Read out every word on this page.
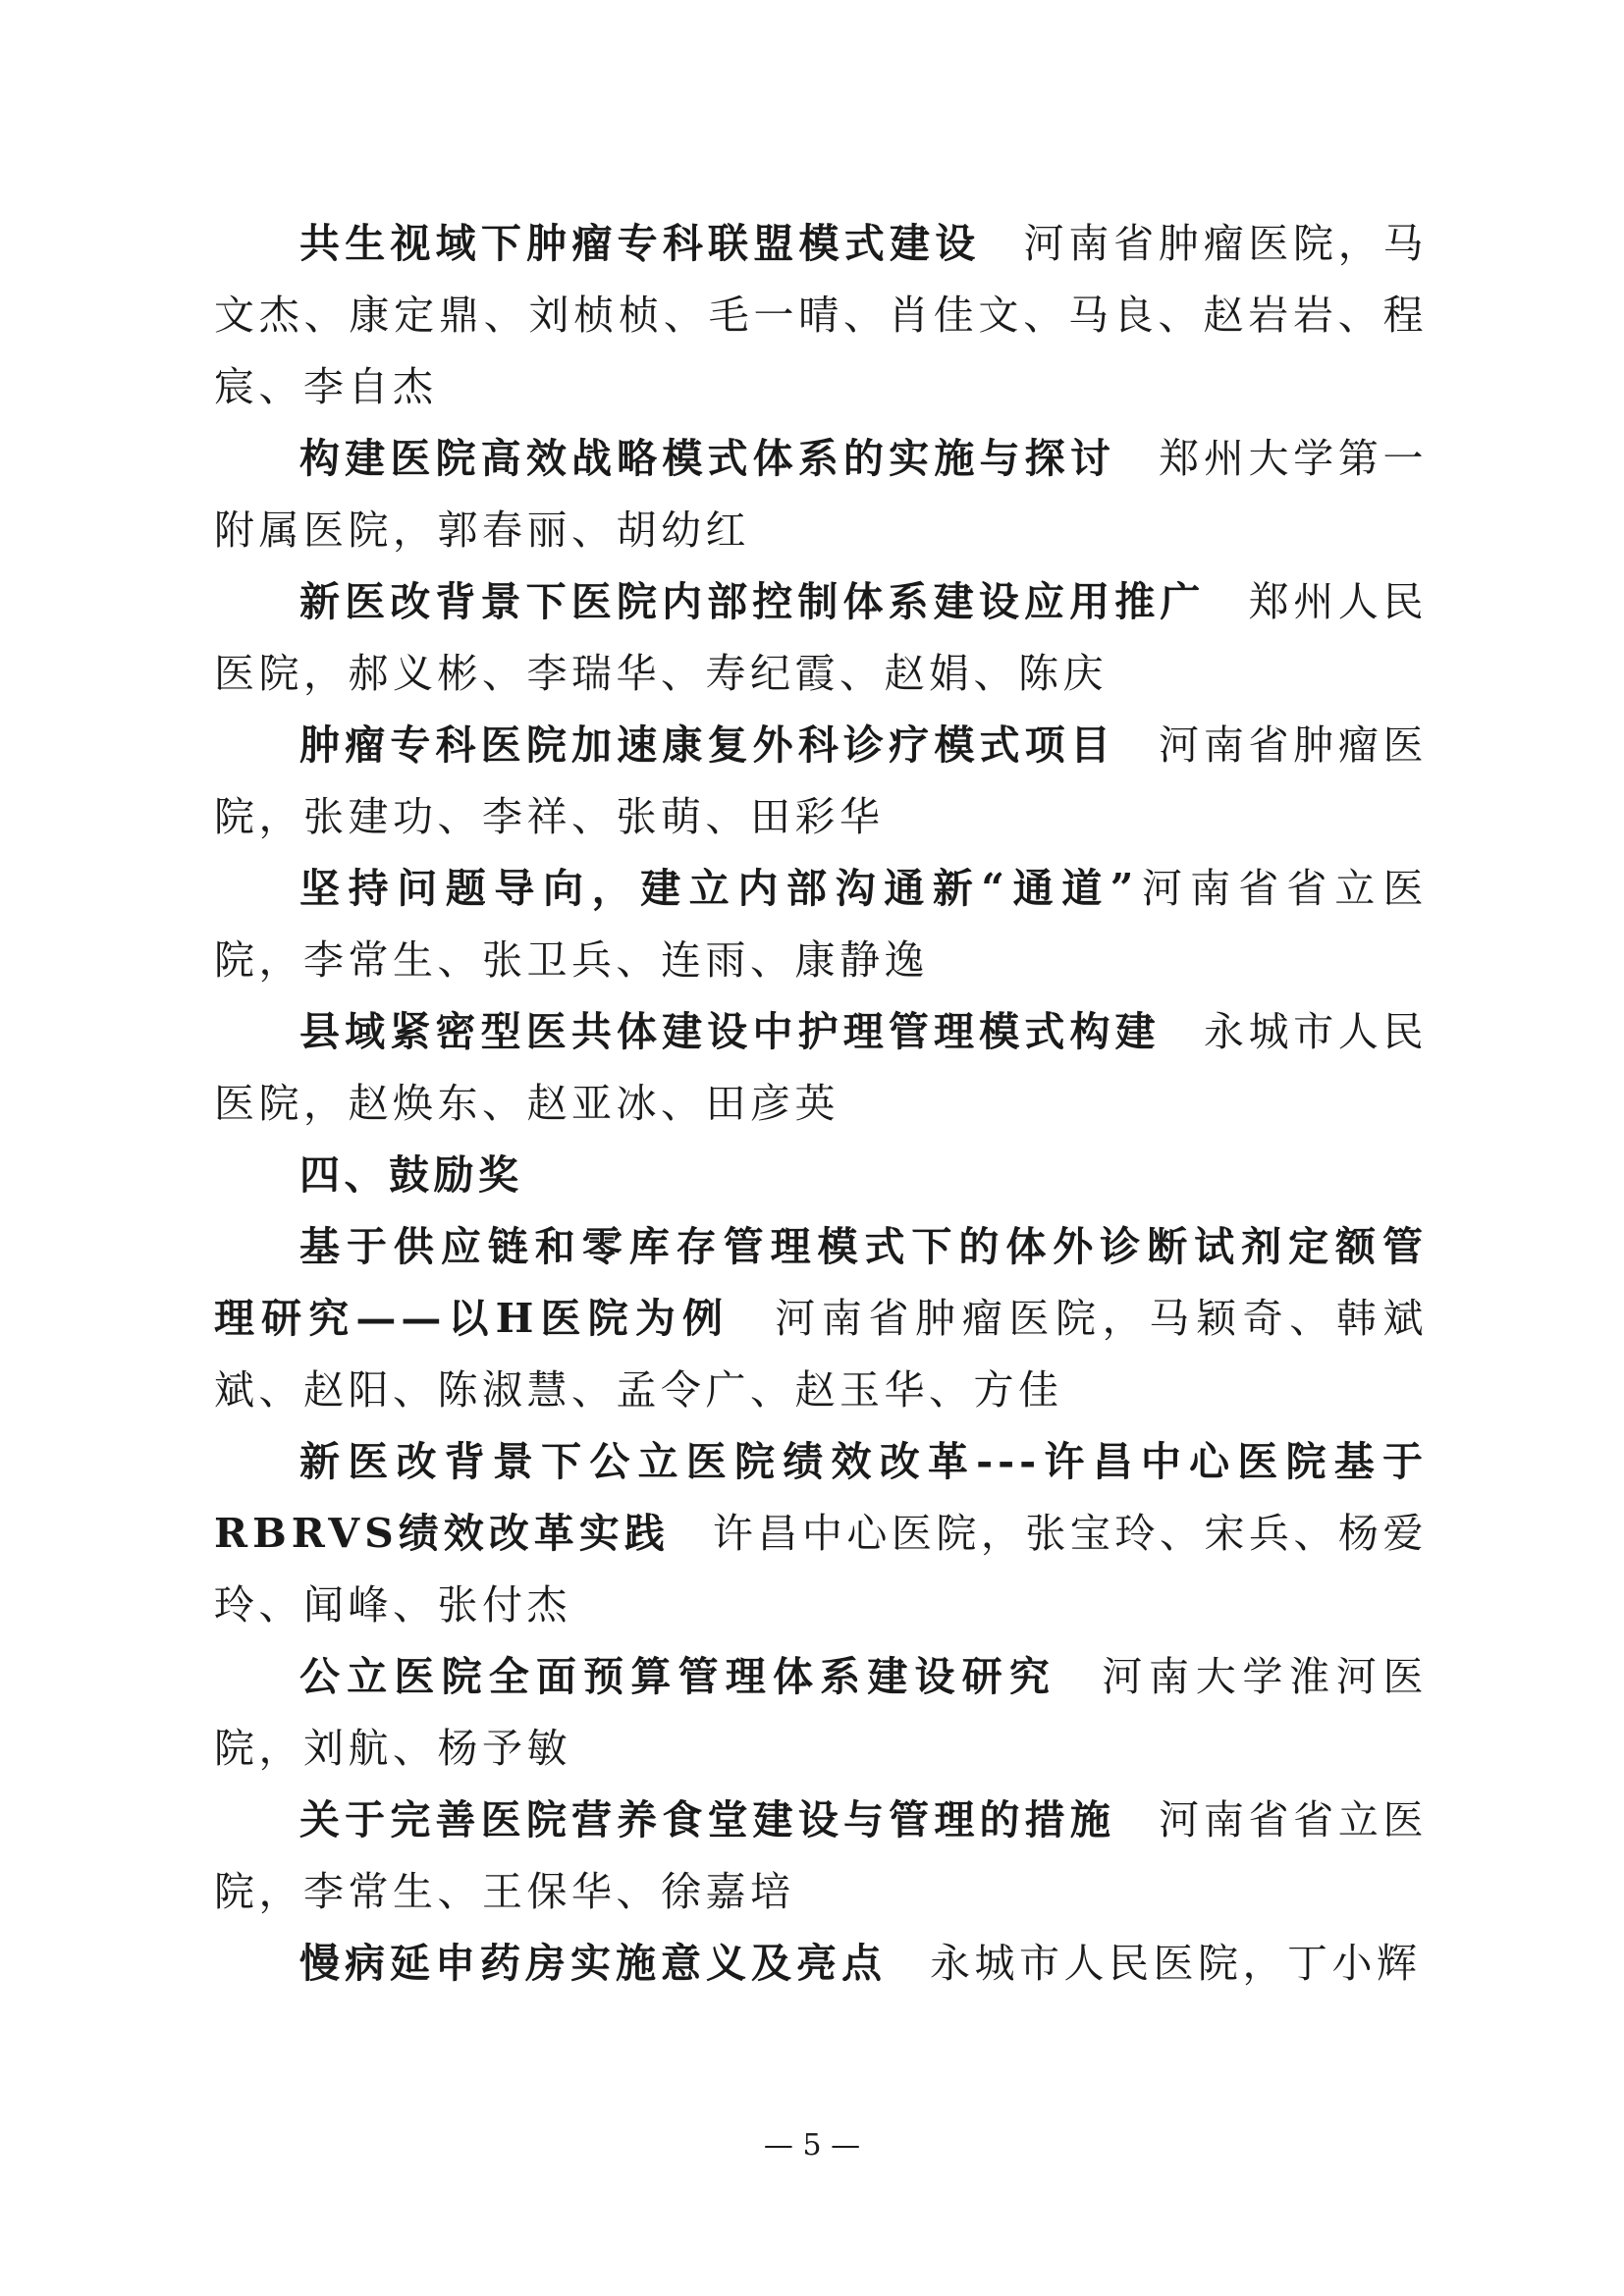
共生视域下肿瘤专科联盟模式建设 河南省肿瘤医院，马文杰、康定鼎、刘桢桢、毛一晴、肖佳文、马良、赵岩岩、程宸、李自杰

构建医院高效战略模式体系的实施与探讨 郑州大学第一附属医院，郭春丽、胡幼红

新医改背景下医院内部控制体系建设应用推广 郑州人民医院，郝义彬、李瑞华、寿纪霞、赵娟、陈庆

肿瘤专科医院加速康复外科诊疗模式项目 河南省肿瘤医院，张建功、李祥、张萌、田彩华

坚持问题导向，建立内部沟通新“通道”河南省省立医院，李常生、张卫兵、连雨、康静逸

县域紧密型医共体建设中护理管理模式构建 永城市人民医院，赵焕东、赵亚冰、田彦英

四、鼓励奖

基于供应链和零库存管理模式下的体外诊断试剂定额管理研究——以H医院为例 河南省肿瘤医院，马颖奇、韩斌斌、赵阳、陈淑慧、孟令广、赵玉华、方佳

新医改背景下公立医院绩效改革---许昌中心医院基于RBRVS绩效改革实践 许昌中心医院，张宝玲、宋兵、杨爱玲、闻峰、张付杰

公立医院全面预算管理体系建设研究 河南大学淮河医院，刘航、杨予敏

关于完善医院营养食堂建设与管理的措施 河南省省立医院，李常生、王保华、徐嘉培

慢病延申药房实施意义及亮点 永城市人民医院，丁小辉

— 5 —
